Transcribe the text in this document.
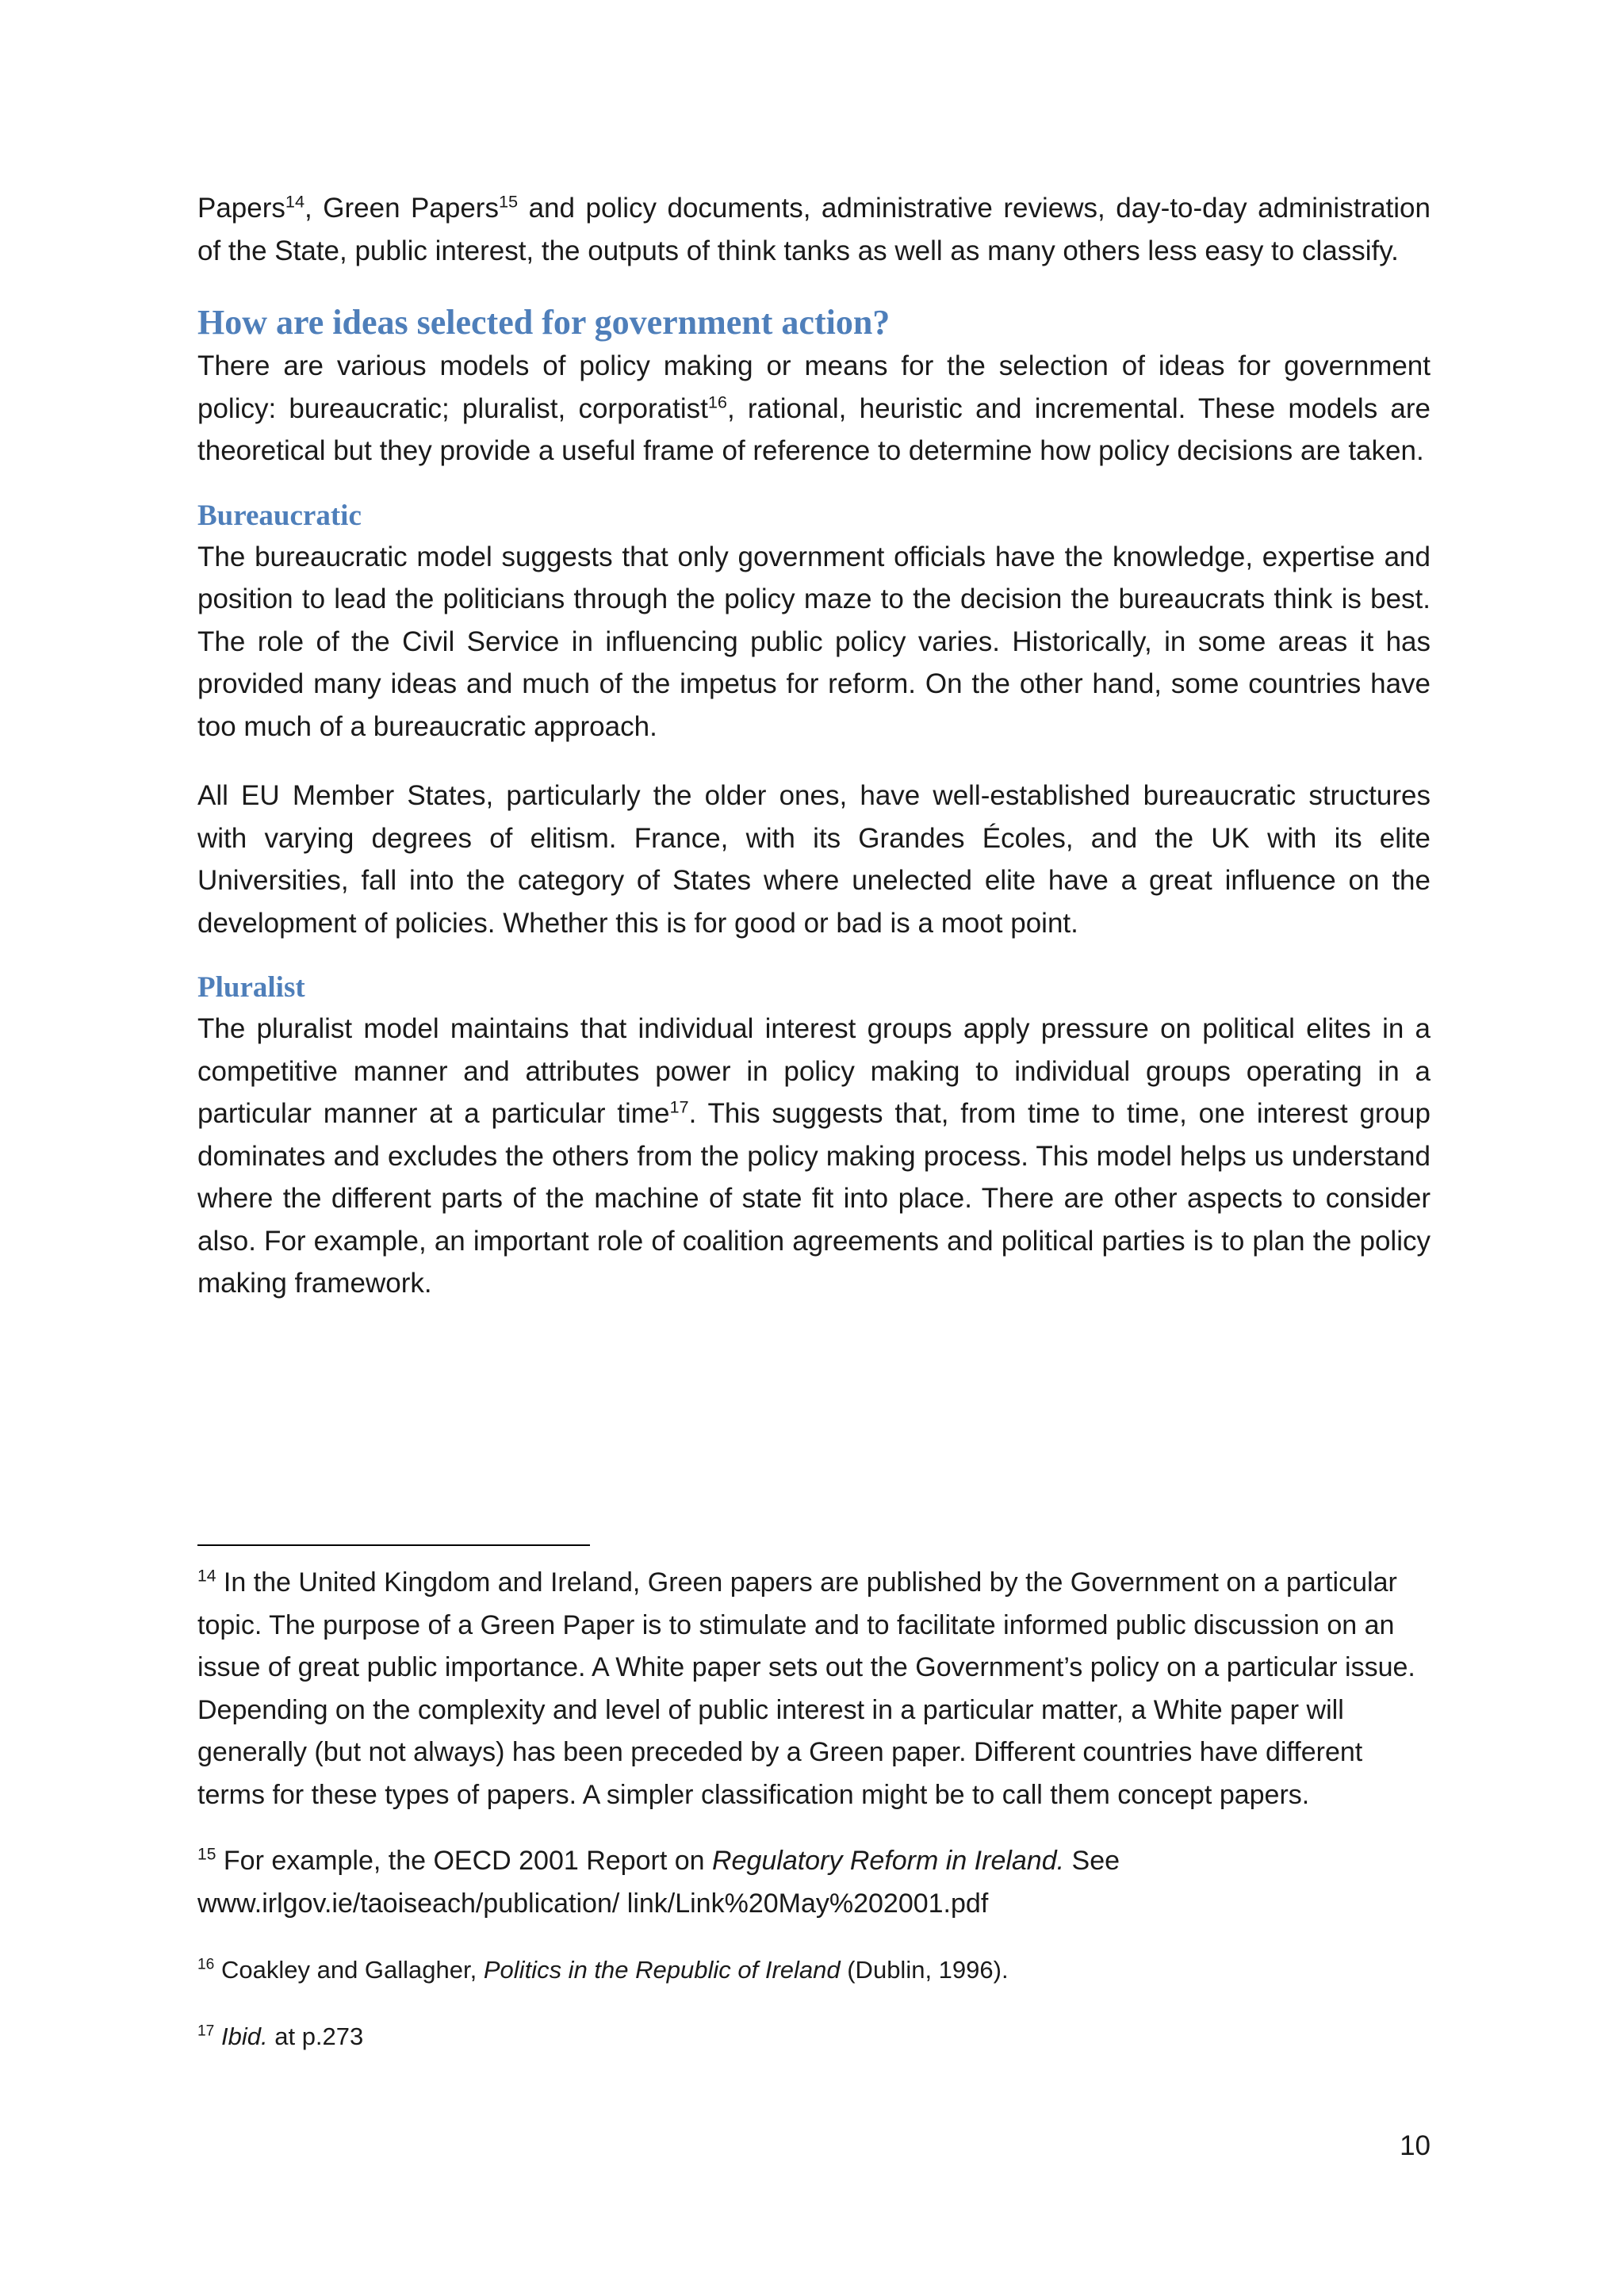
Papers$^{14}$, Green Papers$^{15}$ and policy documents, administrative reviews, day-to-day administration of the State, public interest, the outputs of think tanks as well as many others less easy to classify.

How are ideas selected for government action?

There are various models of policy making or means for the selection of ideas for government policy: bureaucratic; pluralist, corporatist$^{16}$, rational, heuristic and incremental. These models are theoretical but they provide a useful frame of reference to determine how policy decisions are taken.

Bureaucratic

The bureaucratic model suggests that only government officials have the knowledge, expertise and position to lead the politicians through the policy maze to the decision the bureaucrats think is best. The role of the Civil Service in influencing public policy varies. Historically, in some areas it has provided many ideas and much of the impetus for reform. On the other hand, some countries have too much of a bureaucratic approach.

All EU Member States, particularly the older ones, have well-established bureaucratic structures with varying degrees of elitism. France, with its Grandes Écoles, and the UK with its elite Universities, fall into the category of States where unelected elite have a great influence on the development of policies. Whether this is for good or bad is a moot point.

Pluralist

The pluralist model maintains that individual interest groups apply pressure on political elites in a competitive manner and attributes power in policy making to individual groups operating in a particular manner at a particular time$^{17}$. This suggests that, from time to time, one interest group dominates and excludes the others from the policy making process. This model helps us understand where the different parts of the machine of state fit into place. There are other aspects to consider also. For example, an important role of coalition agreements and political parties is to plan the policy making framework.

$^{14}$ In the United Kingdom and Ireland, Green papers are published by the Government on a particular topic. The purpose of a Green Paper is to stimulate and to facilitate informed public discussion on an issue of great public importance. A White paper sets out the Government’s policy on a particular issue. Depending on the complexity and level of public interest in a particular matter, a White paper will generally (but not always) has been preceded by a Green paper. Different countries have different terms for these types of papers. A simpler classification might be to call them concept papers.

$^{15}$ For example, the OECD 2001 Report on Regulatory Reform in Ireland. See
www.irlgov.ie/taoiseach/publication/ link/Link%20May%202001.pdf

$^{16}$ Coakley and Gallagher, Politics in the Republic of Ireland (Dublin, 1996).

$^{17}$ Ibid. at p.273

10
